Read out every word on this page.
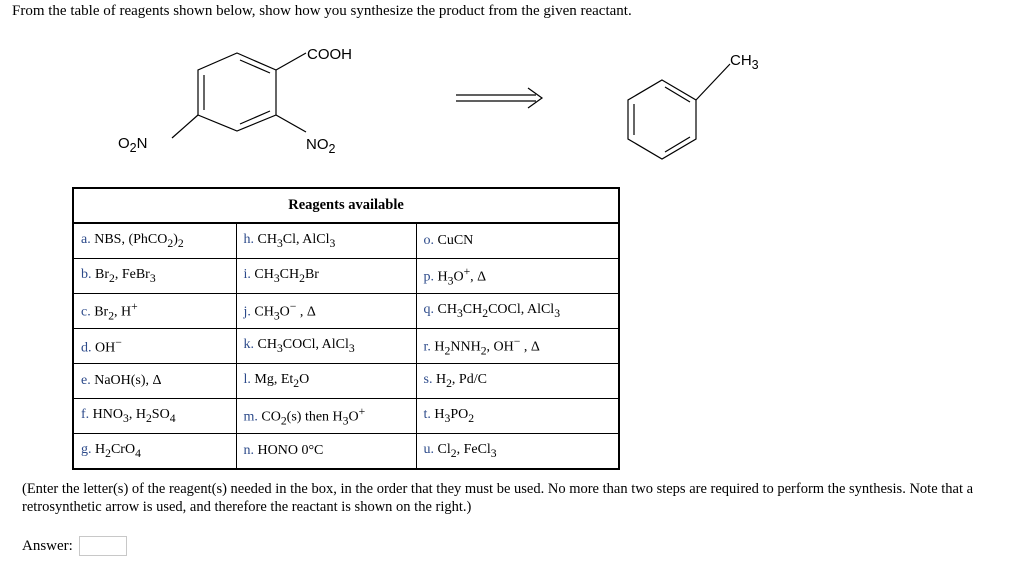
From the table of reagents shown below, show how you synthesize the product from the given reactant.

COOH
$O_2N$	$NO_2$
$CH_3$
Reagents available		
a. NBS, $(PhCO_2)_2$	h. $CH_3Cl$, AlCl$_3$	o. CuCN
b. $Br_2$, FeBr$_3$	i. $CH_3CH_2Br$	p. $H_3O^+$, Δ
c. $Br_2$, H+	j. $CH_3O^-$ , Δ	q. $CH_3CH_2COCl$, AlCl$_3$
d. OH−	k. $CH_3COCl$, AlCl$_3$	r. $H_2NNH_2$, OH− , Δ
e. NaOH(s), Δ	l. Mg, $Et_2O$	s. $H_2$, Pd/C
f. $HNO_3$, $H_2SO_4$	m. $CO_2(s)$ then $H_3O^+$	t. $H_3PO_2$
g. $H_2CrO_4$	n. HONO 0°C	u. $Cl_2$, FeCl$_3$

(Enter the letter(s) of the reagent(s) needed in the box, in the order that they must be used. No more than two steps are required to perform the synthesis. Note that a retrosynthetic arrow is used, and therefore the reactant is shown on the right.)

Answer:
